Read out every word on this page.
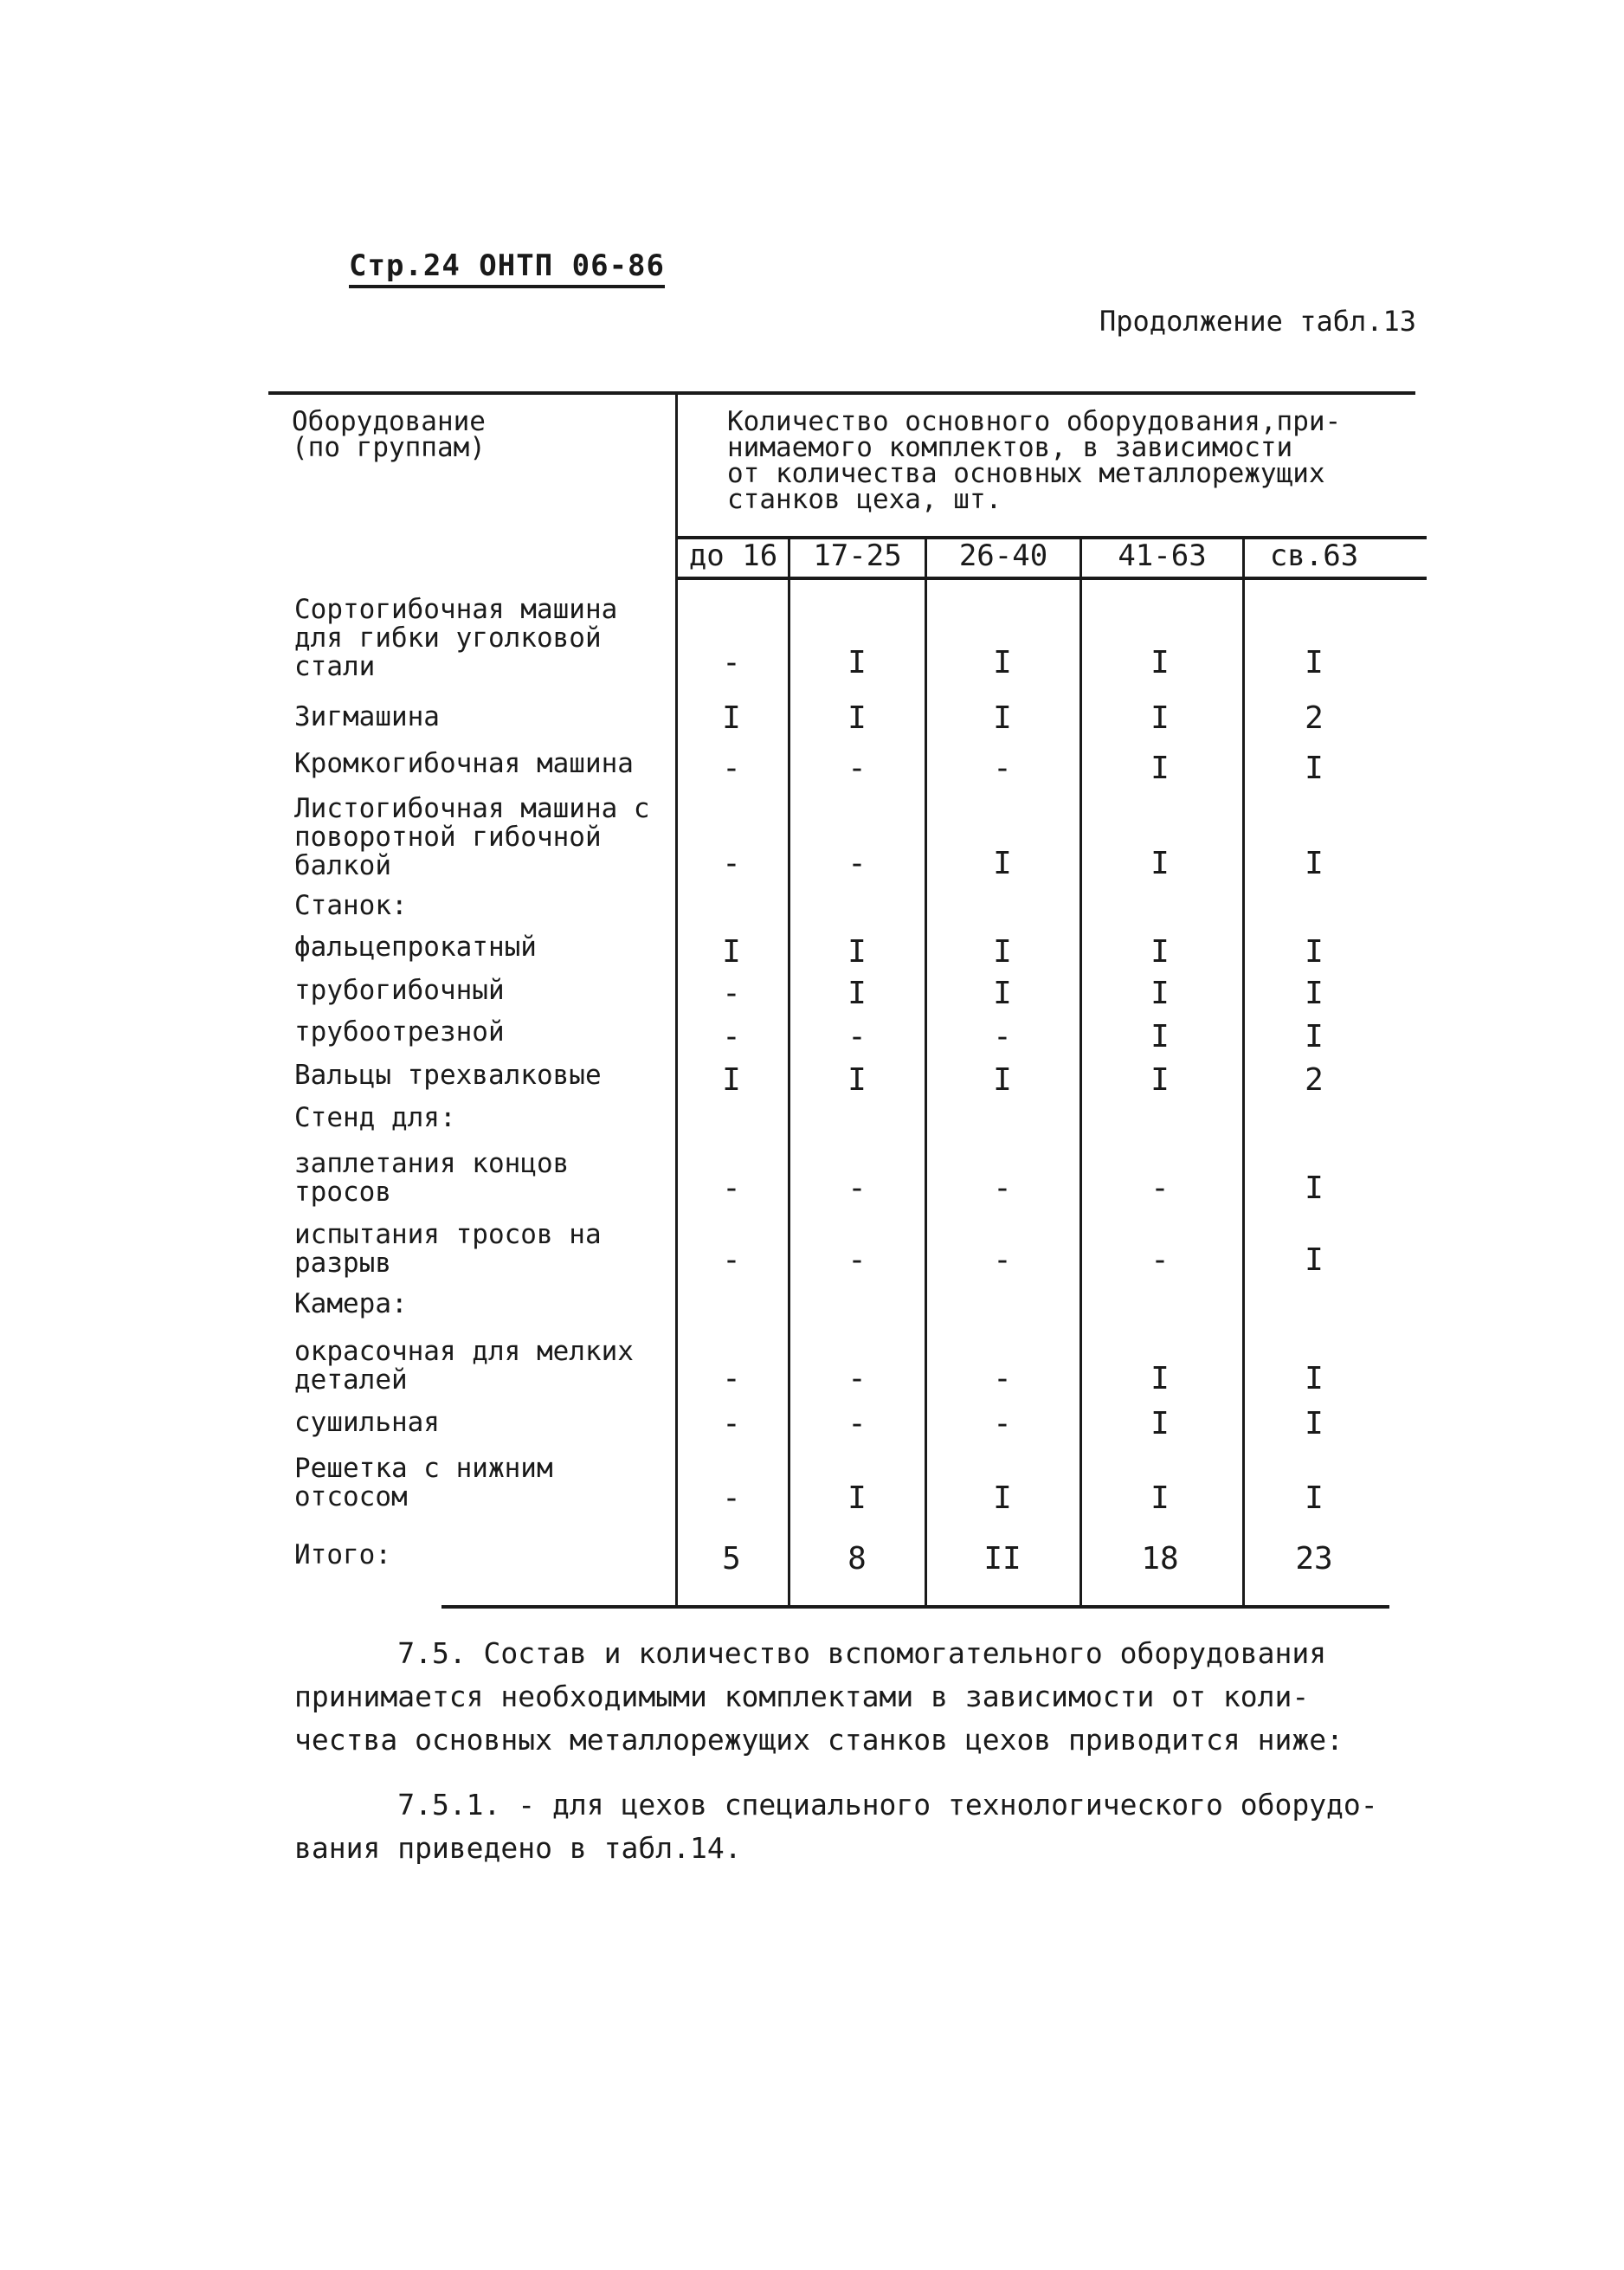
Стр.24 ОНТП 06-86
Продолжение табл.13
Оборудование
(по группам)
Количество основного оборудования,при-
нимаемого комплектов, в зависимости
от количества основных металлорежущих
станков цеха, шт.
до 16	17-25	26-40	41-63	св.63
Сортогибочная машина
для гибки уголковой
стали	-	I	I	I	I
Зигмашина	I	I	I	I	2
Кромкогибочная машина	-	-	-	I	I
Листогибочная машина с
поворотной гибочной
балкой	-	-	I	I	I
Станок:
фальцепрокатный	I	I	I	I	I
трубогибочный	-	I	I	I	I
трубоотрезной	-	-	-	I	I
Вальцы трехвалковые	I	I	I	I	2
Стенд для:
заплетания концов
тросов	-	-	-	-	I
испытания тросов на
разрыв	-	-	-	-	I
Камера:
окрасочная для мелких
деталей	-	-	-	I	I
сушильная	-	-	-	I	I
Решетка с нижним
отсосом	-	I	I	I	I
Итого:	5	8	II	18	23
7.5. Состав и количество вспомогательного оборудования
принимается необходимыми комплектами в зависимости от коли-
чества основных металлорежущих станков цехов приводится ниже:
7.5.1. - для цехов специального технологического оборудо-
вания приведено в табл.14.
